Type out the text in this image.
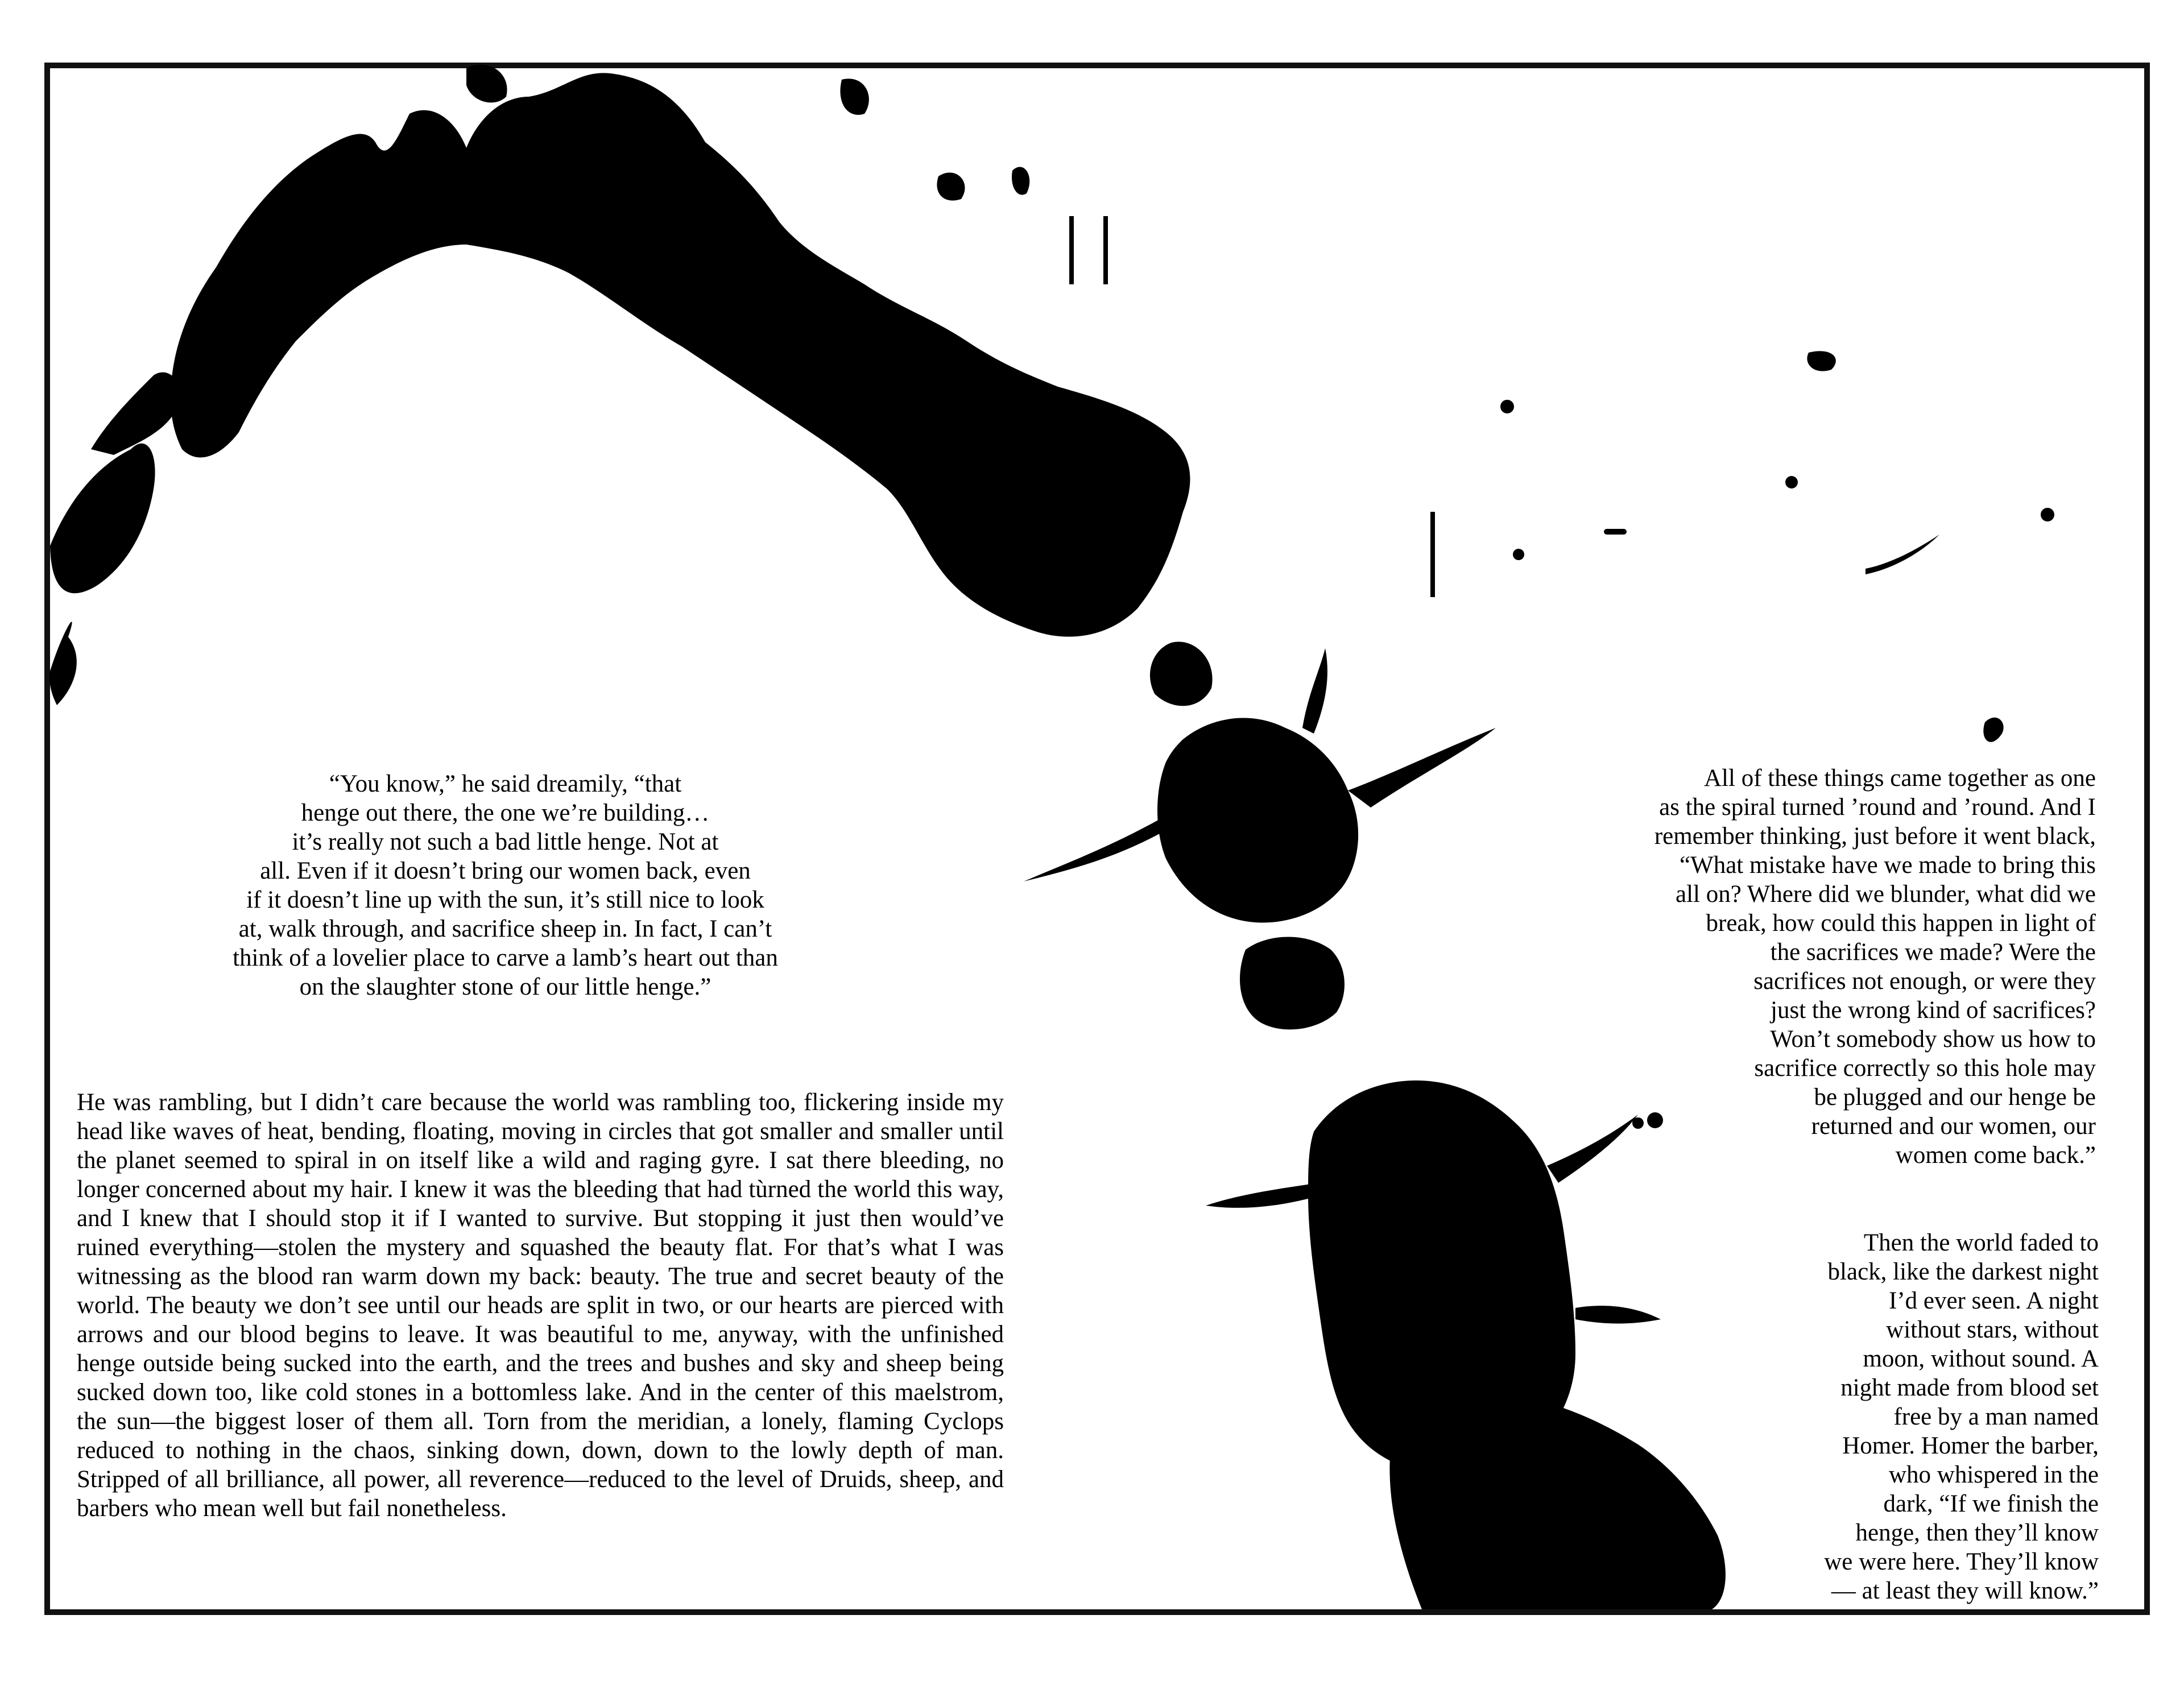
“You know,” he said dreamily, “that
henge out there, the one we’re building…
it’s really not such a bad little henge. Not at
all. Even if it doesn’t bring our women back, even
if it doesn’t line up with the sun, it’s still nice to look
at, walk through, and sacrifice sheep in. In fact, I can’t
think of a lovelier place to carve a lamb’s heart out than
on the slaughter stone of our little henge.”
He was rambling, but I didn’t care because the world was rambling too, flickering inside my head like waves of heat, bending, floating, moving in circles that got smaller and smaller until the planet seemed to spiral in on itself like a wild and raging gyre. I sat there bleeding, no longer concerned about my hair. I knew it was the bleeding that had tùrned the world this way, and I knew that I should stop it if I wanted to survive. But stopping it just then would’ve ruined everything—stolen the mystery and squashed the beauty flat. For that’s what I was witnessing as the blood ran warm down my back: beauty. The true and secret beauty of the world. The beauty we don’t see until our heads are split in two, or our hearts are pierced with arrows and our blood begins to leave. It was beautiful to me, anyway, with the unfinished henge outside being sucked into the earth, and the trees and bushes and sky and sheep being sucked down too, like cold stones in a bottomless lake. And in the center of this maelstrom, the sun—the biggest loser of them all. Torn from the meridian, a lonely, flaming Cyclops reduced to nothing in the chaos, sinking down, down, down to the lowly depth of man. Stripped of all brilliance, all power, all reverence—reduced to the level of Druids, sheep, and barbers who mean well but fail nonetheless.
All of these things came together as one
as the spiral turned ’round and ’round. And I
remember thinking, just before it went black,
“What mistake have we made to bring this
all on? Where did we blunder, what did we
break, how could this happen in light of
the sacrifices we made? Were the
sacrifices not enough, or were they
just the wrong kind of sacrifices?
Won’t somebody show us how to
sacrifice correctly so this hole may
be plugged and our henge be
returned and our women, our
women come back.”
Then the world faded to
black, like the darkest night
I’d ever seen. A night
without stars, without
moon, without sound. A
night made from blood set
free by a man named
Homer. Homer the barber,
who whispered in the
dark, “If we finish the
henge, then they’ll know
we were here. They’ll know
— at least they will know.”
